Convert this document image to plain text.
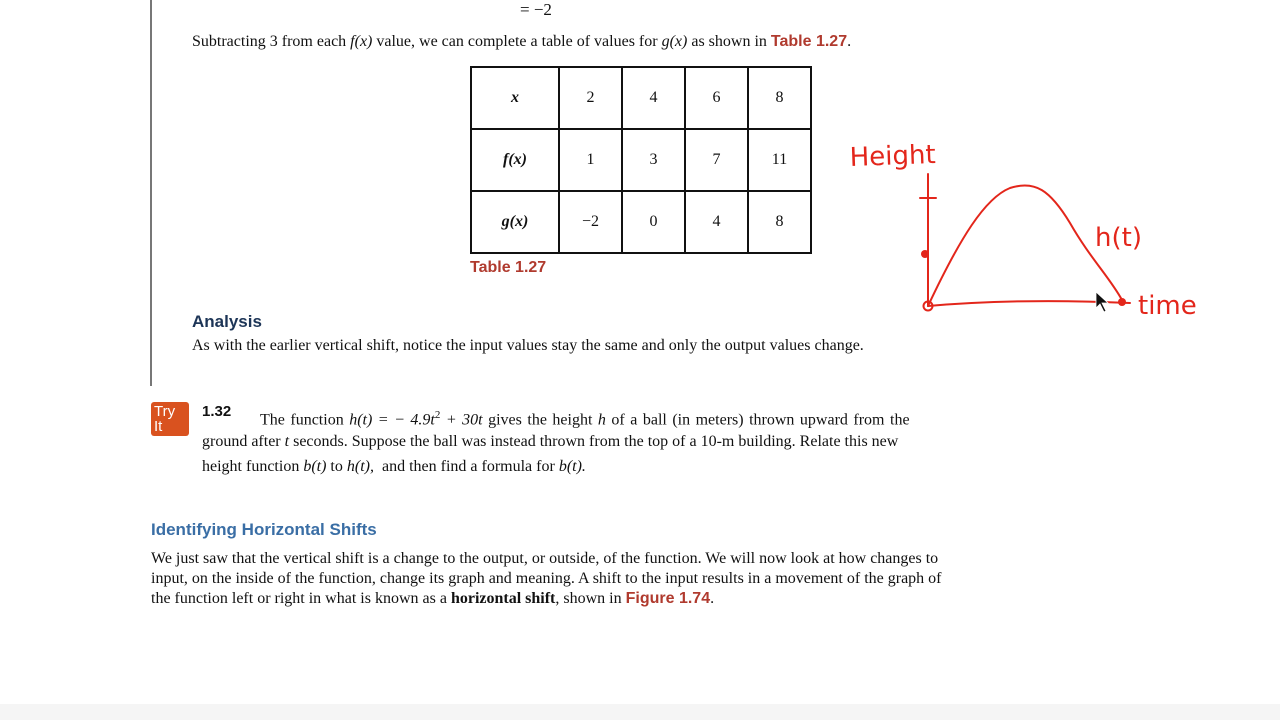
= −2
Subtracting 3 from each f(x) value, we can complete a table of values for g(x) as shown in Table 1.27.
x	2	4	6	8
f(x)	1	3	7	11
g(x)	−2	0	4	8
Table 1.27
Height
h(t)
time
Analysis
As with the earlier vertical shift, notice the input values stay the same and only the output values change.
Try
It
1.32 The function h(t) = − $4.9t^2 + 30t$ gives the height h of a ball (in meters) thrown upward from the
ground after t seconds. Suppose the ball was instead thrown from the top of a 10-m building. Relate this new
height function b(t) to h(t),  and then find a formula for b(t).
Identifying Horizontal Shifts
We just saw that the vertical shift is a change to the output, or outside, of the function. We will now look at how changes to
input, on the inside of the function, change its graph and meaning. A shift to the input results in a movement of the graph of
the function left or right in what is known as a horizontal shift, shown in Figure 1.74.
